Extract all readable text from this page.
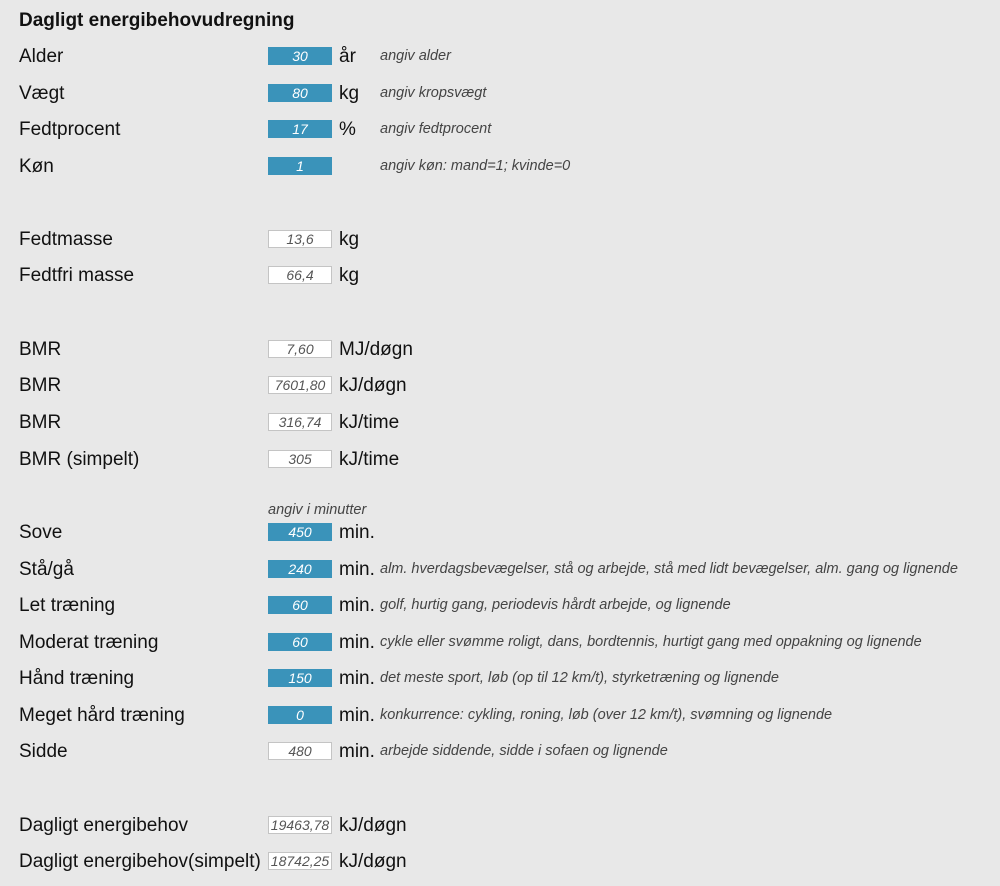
Dagligt energibehovudregning
Alder	30	år angiv alder
Vægt	80	kg angiv kropsvægt
Fedtprocent	17	% angiv fedtprocent
Køn	1	angiv køn: mand=1; kvinde=0
Fedtmasse	13,6	kg
Fedtfri masse	66,4	kg
BMR	7,60	MJ/døgn
BMR	7601,80 kJ/døgn
BMR	316,74 kJ/time
BMR (simpelt)	305	kJ/time
angiv i minutter
Sove	450	min.
Stå/gå	240	min. alm. hverdagsbevægelser, stå og arbejde, stå med lidt bevægelser, alm. gang og lignende
Let træning	60	min. golf, hurtig gang, periodevis hårdt arbejde, og lignende
Moderat træning	60	min. cykle eller svømme roligt, dans, bordtennis, hurtigt gang med oppakning og lignende
Hånd træning	150	min. det meste sport, løb (op til 12 km/t), styrketræning og lignende
Meget hård træning	0	min. konkurrence: cykling, roning, løb (over 12 km/t), svømning og lignende
Sidde	480	min. arbejde siddende, sidde i sofaen og lignende
Dagligt energibehov	19463,78 kJ/døgn
Dagligt energibehov(simpelt) 18742,25 kJ/døgn
